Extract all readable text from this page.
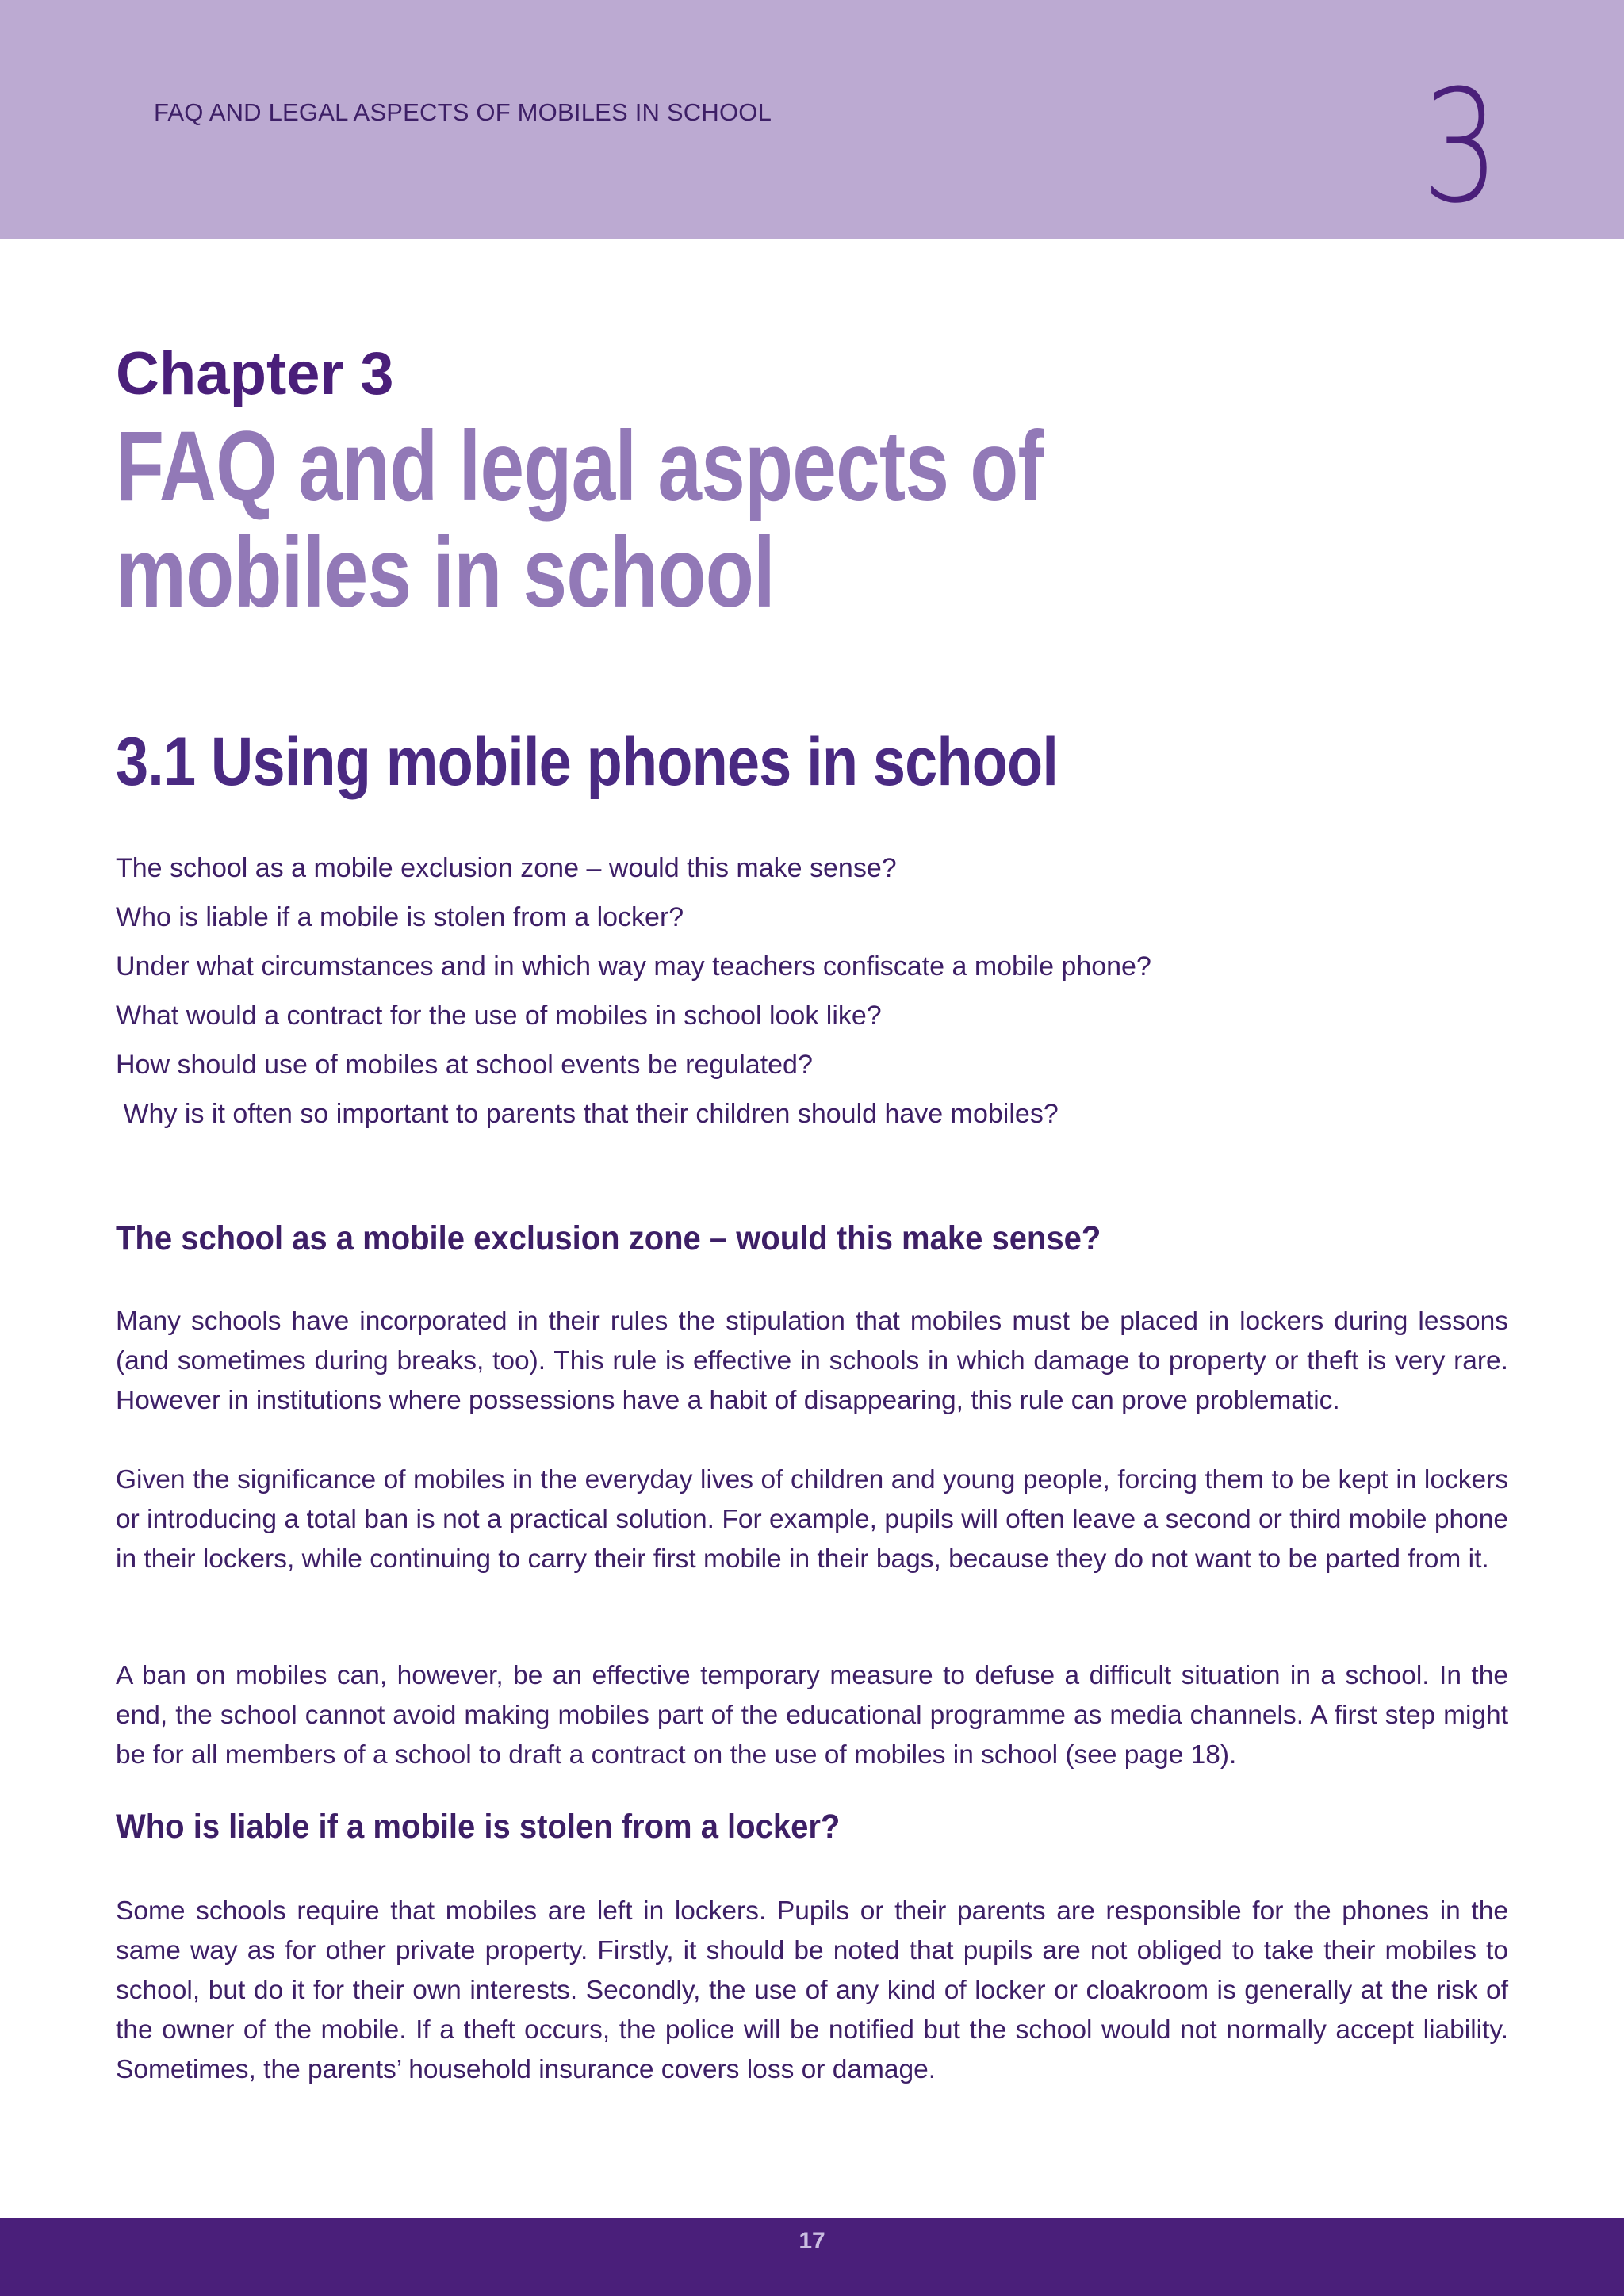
FAQ AND LEGAL ASPECTS OF MOBILES IN SCHOOL	3
Chapter 3
FAQ and legal aspects of mobiles in school
3.1 Using mobile phones in school
The school as a mobile exclusion zone – would this make sense?
Who is liable if a mobile is stolen from a locker?
Under what circumstances and in which way may teachers confiscate a mobile phone?
What would a contract for the use of mobiles in school look like?
How should use of mobiles at school events be regulated?
Why is it often so important to parents that their children should have mobiles?
The school as a mobile exclusion zone – would this make sense?

Many schools have incorporated in their rules the stipulation that mobiles must be placed in lockers during lessons (and sometimes during breaks, too). This rule is effective in schools in which damage to property or theft is very rare. However in institutions where possessions have a habit of disappearing, this rule can prove problematic.

Given the significance of mobiles in the everyday lives of children and young people, forcing them to be kept in lockers or introducing a total ban is not a practical solution. For example, pupils will often leave a second or third mobile phone in their lockers, while continuing to carry their first mobile in their bags, because they do not want to be parted from it.

A ban on mobiles can, however, be an effective temporary measure to defuse a difficult situation in a school. In the end, the school cannot avoid making mobiles part of the educational programme as media channels. A first step might be for all members of a school to draft a contract on the use of mobiles in school (see page 18).

Who is liable if a mobile is stolen from a locker?

Some schools require that mobiles are left in lockers. Pupils or their parents are responsible for the phones in the same way as for other private property. Firstly, it should be noted that pupils are not obliged to take their mobiles to school, but do it for their own interests. Secondly, the use of any kind of locker or cloakroom is generally at the risk of the owner of the mobile. If a theft occurs, the police will be notified but the school would not normally accept liability. Sometimes, the parents’ household insurance covers loss or damage.

17
